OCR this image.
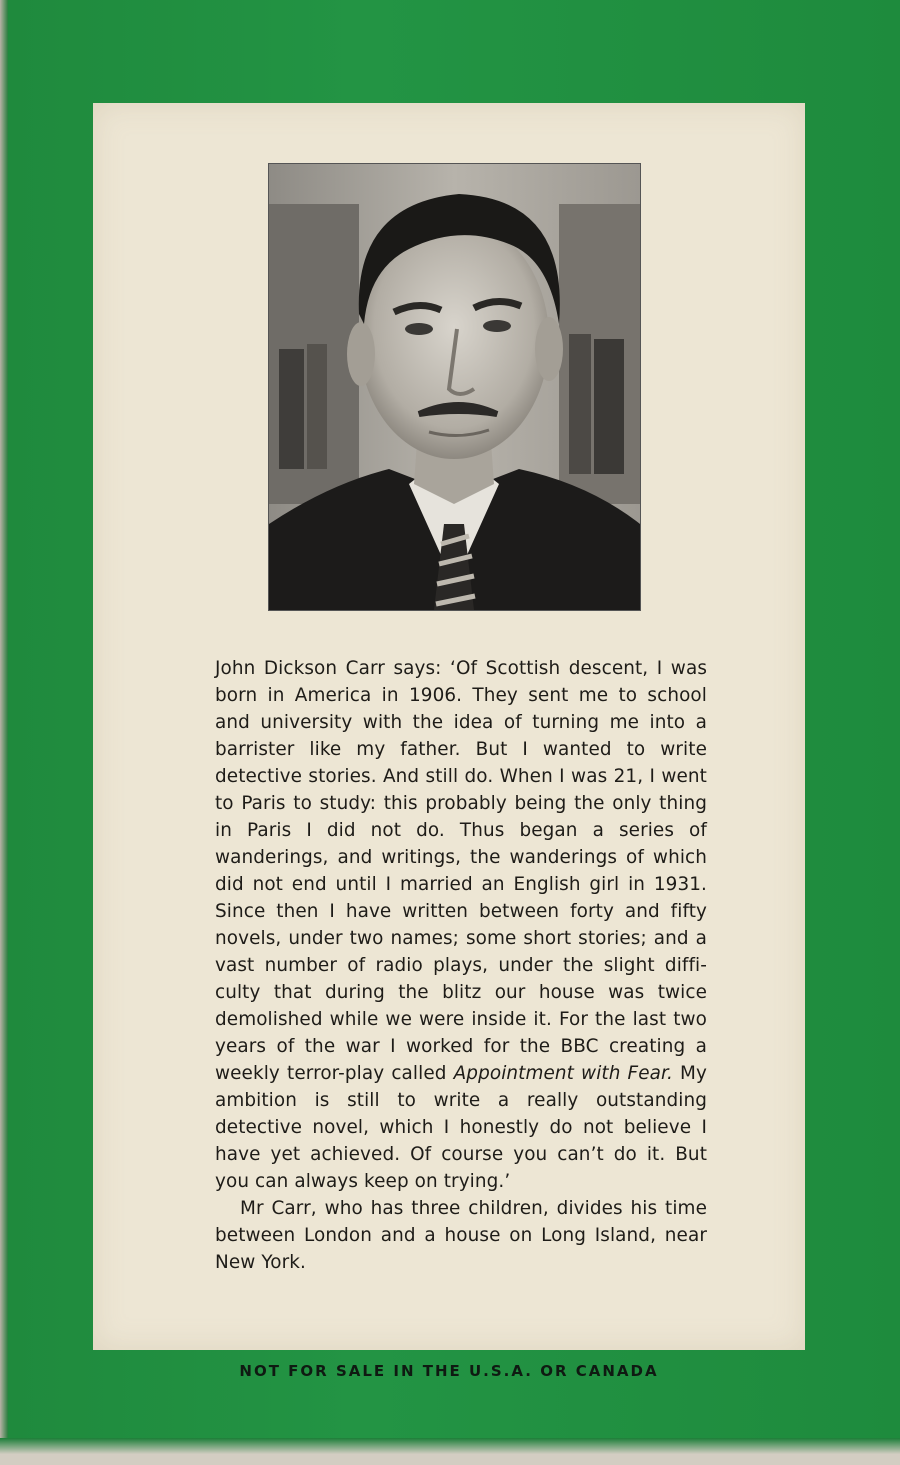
John Dickson Carr says: ‘Of Scottish descent, I was born in America in 1906. They sent me to school and university with the idea of turning me into a barrister like my father. But I wanted to write detective stories. And still do. When I was 21, I went to Paris to study: this probably being the only thing in Paris I did not do. Thus began a series of wanderings, and writings, the wanderings of which did not end until I married an English girl in 1931. Since then I have written between forty and fifty novels, under two names; some short stories; and a vast number of radio plays, under the slight diffi-culty that during the blitz our house was twice demolished while we were inside it. For the last two years of the war I worked for the BBC creating a weekly terror-play called Appointment with Fear. My ambition is still to write a really outstanding detective novel, which I honestly do not believe I have yet achieved. Of course you can’t do it. But you can always keep on trying.’

Mr Carr, who has three children, divides his time between London and a house on Long Island, near New York.

NOT FOR SALE IN THE U.S.A. OR CANADA
